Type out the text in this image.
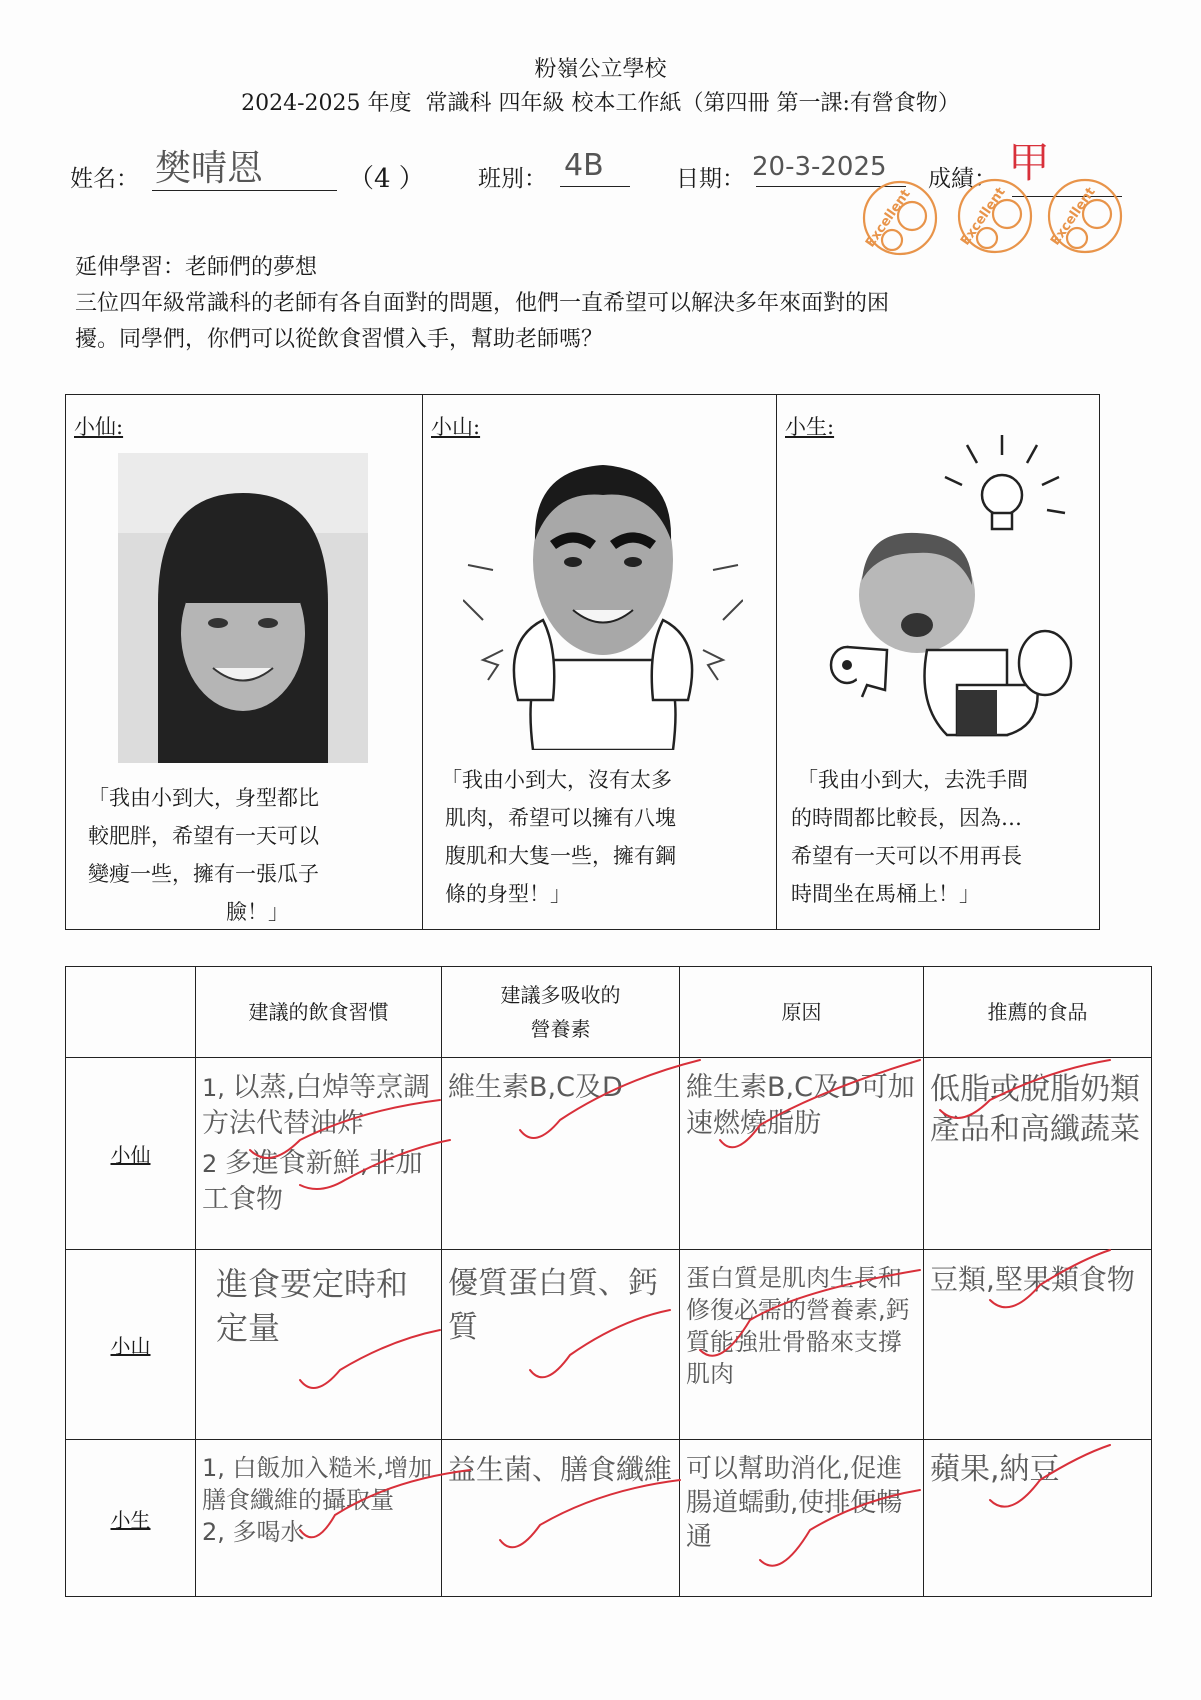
粉嶺公立學校
2024-2025 年度  常識科 四年級 校本工作紙（第四冊 第一課:有營食物）
姓名： 樊晴恩	（4 ） 班別： 4B	日期： 20-3-2025 成績： 甲
Excellent	Excellent	Excellent
延伸學習：老師們的夢想
三位四年級常識科的老師有各自面對的問題，他們一直希望可以解決多年來面對的困
擾。同學們，你們可以從飲食習慣入手，幫助老師嗎？
小仙:
「我由小到大，身型都比
較肥胖，希望有一天可以
變瘦一些，擁有一張瓜子
臉！」
小山:
「我由小到大，沒有太多
肌肉，希望可以擁有八塊
腹肌和大隻一些，擁有鋼
條的身型！」
小生:
「我由小到大，去洗手間
的時間都比較長，因為…
希望有一天可以不用再長
時間坐在馬桶上！」
	建議的飲食習慣	建議多吸收的
營養素	原因	推薦的食品
小仙	1, 以蒸,白焯等烹調方法代替油炸
2 多進食新鮮,非加工食物	維生素B,C及D	維生素B,C及D可加速燃燒脂肪	低脂或脫脂奶類產品和高纖蔬菜
小山	進食要定時和定量	優質蛋白質、鈣質	蛋白質是肌肉生長和修復必需的營養素,鈣質能強壯骨骼來支撐肌肉	豆類,堅果類食物
小生	1, 白飯加入糙米,增加膳食纖維的攝取量
2, 多喝水	益生菌、膳食纖維	可以幫助消化,促進腸道蠕動,使排便暢通	蘋果,納豆
